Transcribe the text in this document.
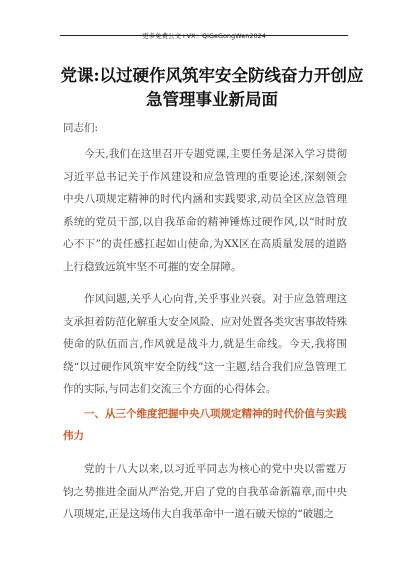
更多免费公文+VX：QiGeGongWen2024
党课:以过硬作风筑牢安全防线奋力开创应急管理事业新局面

同志们:

今天,我们在这里召开专题党课,主要任务是深入学习贯彻习近平总书记关于作风建设和应急管理的重要论述,深刻领会中央八项规定精神的时代内涵和实践要求,动员全区应急管理系统的党员干部,以自我革命的精神锤炼过硬作风,以“时时放心不下”的责任感扛起如山使命,为XX区在高质量发展的道路上行稳致远筑牢坚不可摧的安全屏障。

作风问题,关乎人心向背,关乎事业兴衰。对于应急管理这支承担着防范化解重大安全风险、应对处置各类灾害事故特殊使命的队伍而言,作风就是战斗力,就是生命线。今天,我将围绕“以过硬作风筑牢安全防线”这一主题,结合我们应急管理工作的实际,与同志们交流三个方面的心得体会。

一、从三个维度把握中央八项规定精神的时代价值与实践伟力

党的十八大以来,以习近平同志为核心的党中央以雷霆万钧之势推进全面从严治党,开启了党的自我革命新篇章,而中央八项规定,正是这场伟大自我革命中一道石破天惊的“破题之
